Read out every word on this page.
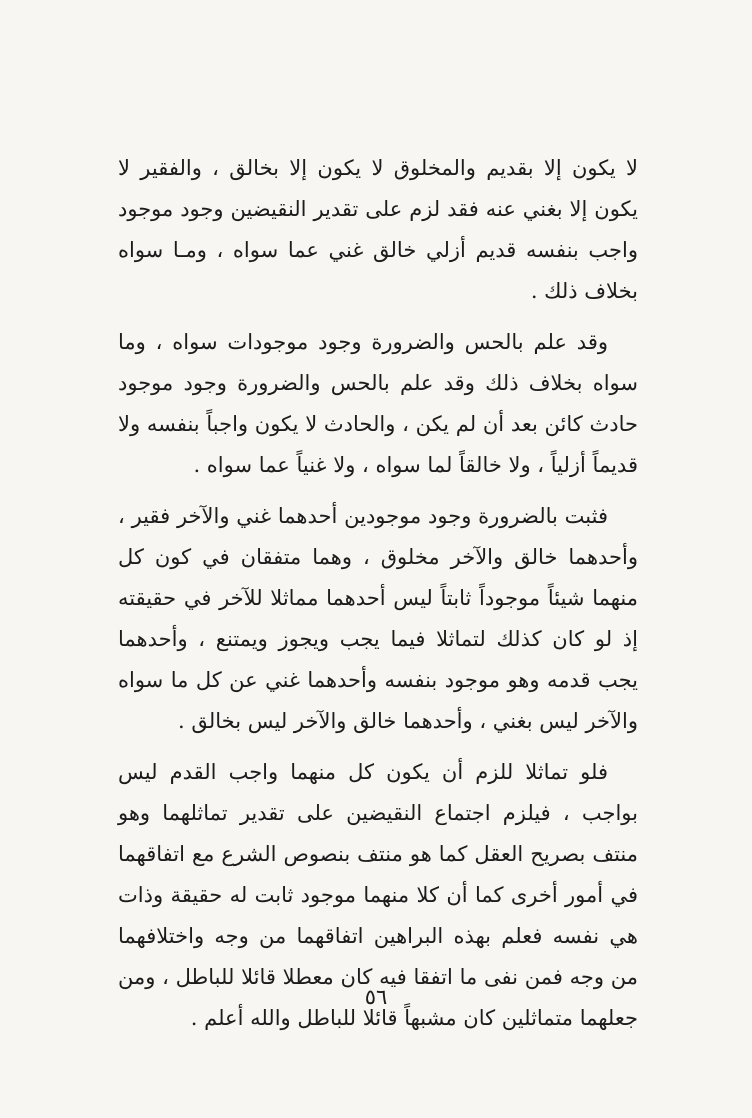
لا يكون إلا بقديم والمخلوق لا يكون إلا بخالق ، والفقير لا يكون إلا بغني عنه فقد لزم على تقدير النقيضين وجود موجود واجب بنفسه قديم أزلي خالق غني عما سواه ، ومـا سواه بخلاف ذلك .

وقد علم بالحس والضرورة وجود موجودات سواه ، وما سواه بخلاف ذلك وقد علم بالحس والضرورة وجود موجود حادث كائن بعد أن لم يكن ، والحادث لا يكون واجباً بنفسه ولا قديماً أزلياً ، ولا خالقاً لما سواه ، ولا غنياً عما سواه .

فثبت بالضرورة وجود موجودين أحدهما غني والآخر فقير ، وأحدهما خالق والآخر مخلوق ، وهما متفقان في كون كل منهما شيئاً موجوداً ثابتاً ليس أحدهما مماثلا للآخر في حقيقته إذ لو كان كذلك لتماثلا فيما يجب ويجوز ويمتنع ، وأحدهما يجب قدمه وهو موجود بنفسه وأحدهما غني عن كل ما سواه والآخر ليس بغني ، وأحدهما خالق والآخر ليس بخالق .

فلو تماثلا للزم أن يكون كل منهما واجب القدم ليس بواجب ، فيلزم اجتماع النقيضين على تقدير تماثلهما وهو منتف بصريح العقل كما هو منتف بنصوص الشرع مع اتفاقهما في أمور أخرى كما أن كلا منهما موجود ثابت له حقيقة وذات هي نفسه فعلم بهذه البراهين اتفاقهما من وجه واختلافهما من وجه فمن نفى ما اتفقا فيه كان معطلا قائلا للباطل ، ومن جعلهما متماثلين كان مشبهاً قائلا للباطل والله أعلم .

٥٦
